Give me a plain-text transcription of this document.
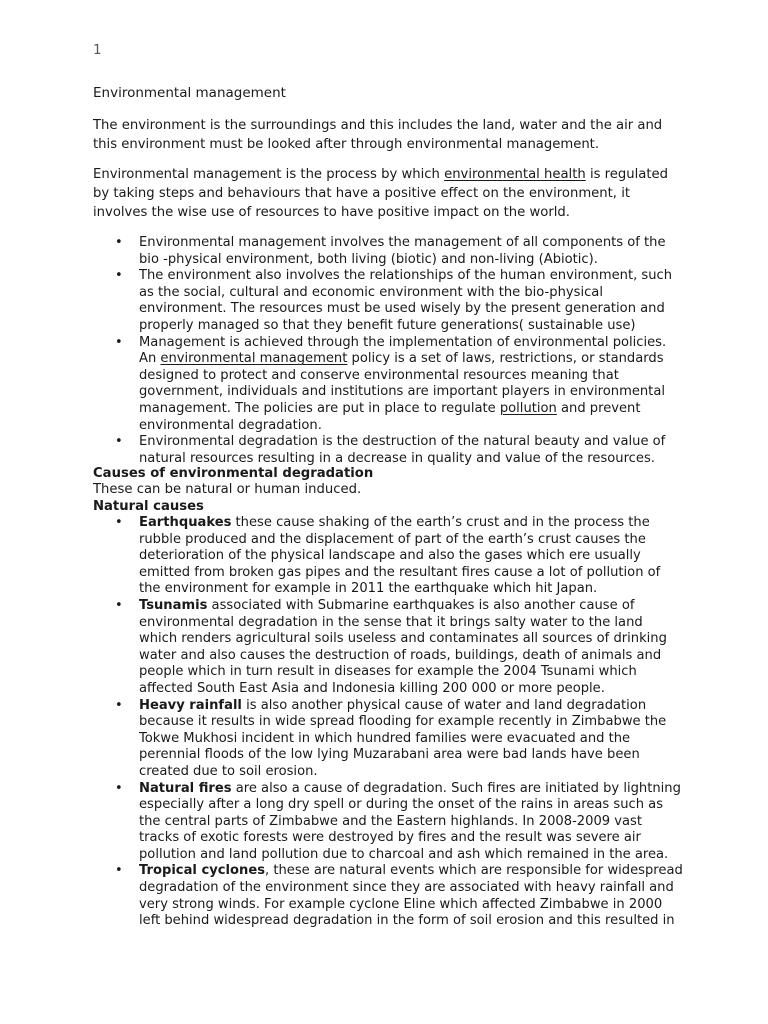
1
Environmental management

The environment is the surroundings and this includes the land, water and the air and this environment must be looked after through environmental management.

Environmental management is the process by which environmental health is regulated by taking steps and behaviours that have a positive effect on the environment, it involves the wise use of resources to have positive impact on the world.

• Environmental management involves the management of all components of the bio -physical environment, both living (biotic) and non-living (Abiotic).
• The environment also involves the relationships of the human environment, such as the social, cultural and economic environment with the bio-physical environment. The resources must be used wisely by the present generation and properly managed so that they benefit future generations( sustainable use)
• Management is achieved through the implementation of environmental policies. An environmental management policy is a set of laws, restrictions, or standards designed to protect and conserve environmental resources meaning that government, individuals and institutions are important players in environmental management. The policies are put in place to regulate pollution and prevent environmental degradation.
• Environmental degradation is the destruction of the natural beauty and value of natural resources resulting in a decrease in quality and value of the resources.
Causes of environmental degradation
These can be natural or human induced.
Natural causes
• Earthquakes these cause shaking of the earth’s crust and in the process the rubble produced and the displacement of part of the earth’s crust causes the deterioration of the physical landscape and also the gases which ere usually emitted from broken gas pipes and the resultant fires cause a lot of pollution of the environment for example in 2011 the earthquake which hit Japan.
• Tsunamis associated with Submarine earthquakes is also another cause of environmental degradation in the sense that it brings salty water to the land which renders agricultural soils useless and contaminates all sources of drinking water and also causes the destruction of roads, buildings, death of animals and people which in turn result in diseases for example the 2004 Tsunami which affected South East Asia and Indonesia killing 200 000 or more people.
• Heavy rainfall is also another physical cause of water and land degradation because it results in wide spread flooding for example recently in Zimbabwe the Tokwe Mukhosi incident in which hundred families were evacuated and the perennial floods of the low lying Muzarabani area were bad lands have been created due to soil erosion.
• Natural fires are also a cause of degradation. Such fires are initiated by lightning especially after a long dry spell or during the onset of the rains in areas such as the central parts of Zimbabwe and the Eastern highlands. In 2008-2009 vast tracks of exotic forests were destroyed by fires and the result was severe air pollution and land pollution due to charcoal and ash which remained in the area.
• Tropical cyclones, these are natural events which are responsible for widespread degradation of the environment since they are associated with heavy rainfall and very strong winds. For example cyclone Eline which affected Zimbabwe in 2000 left behind widespread degradation in the form of soil erosion and this resulted in
